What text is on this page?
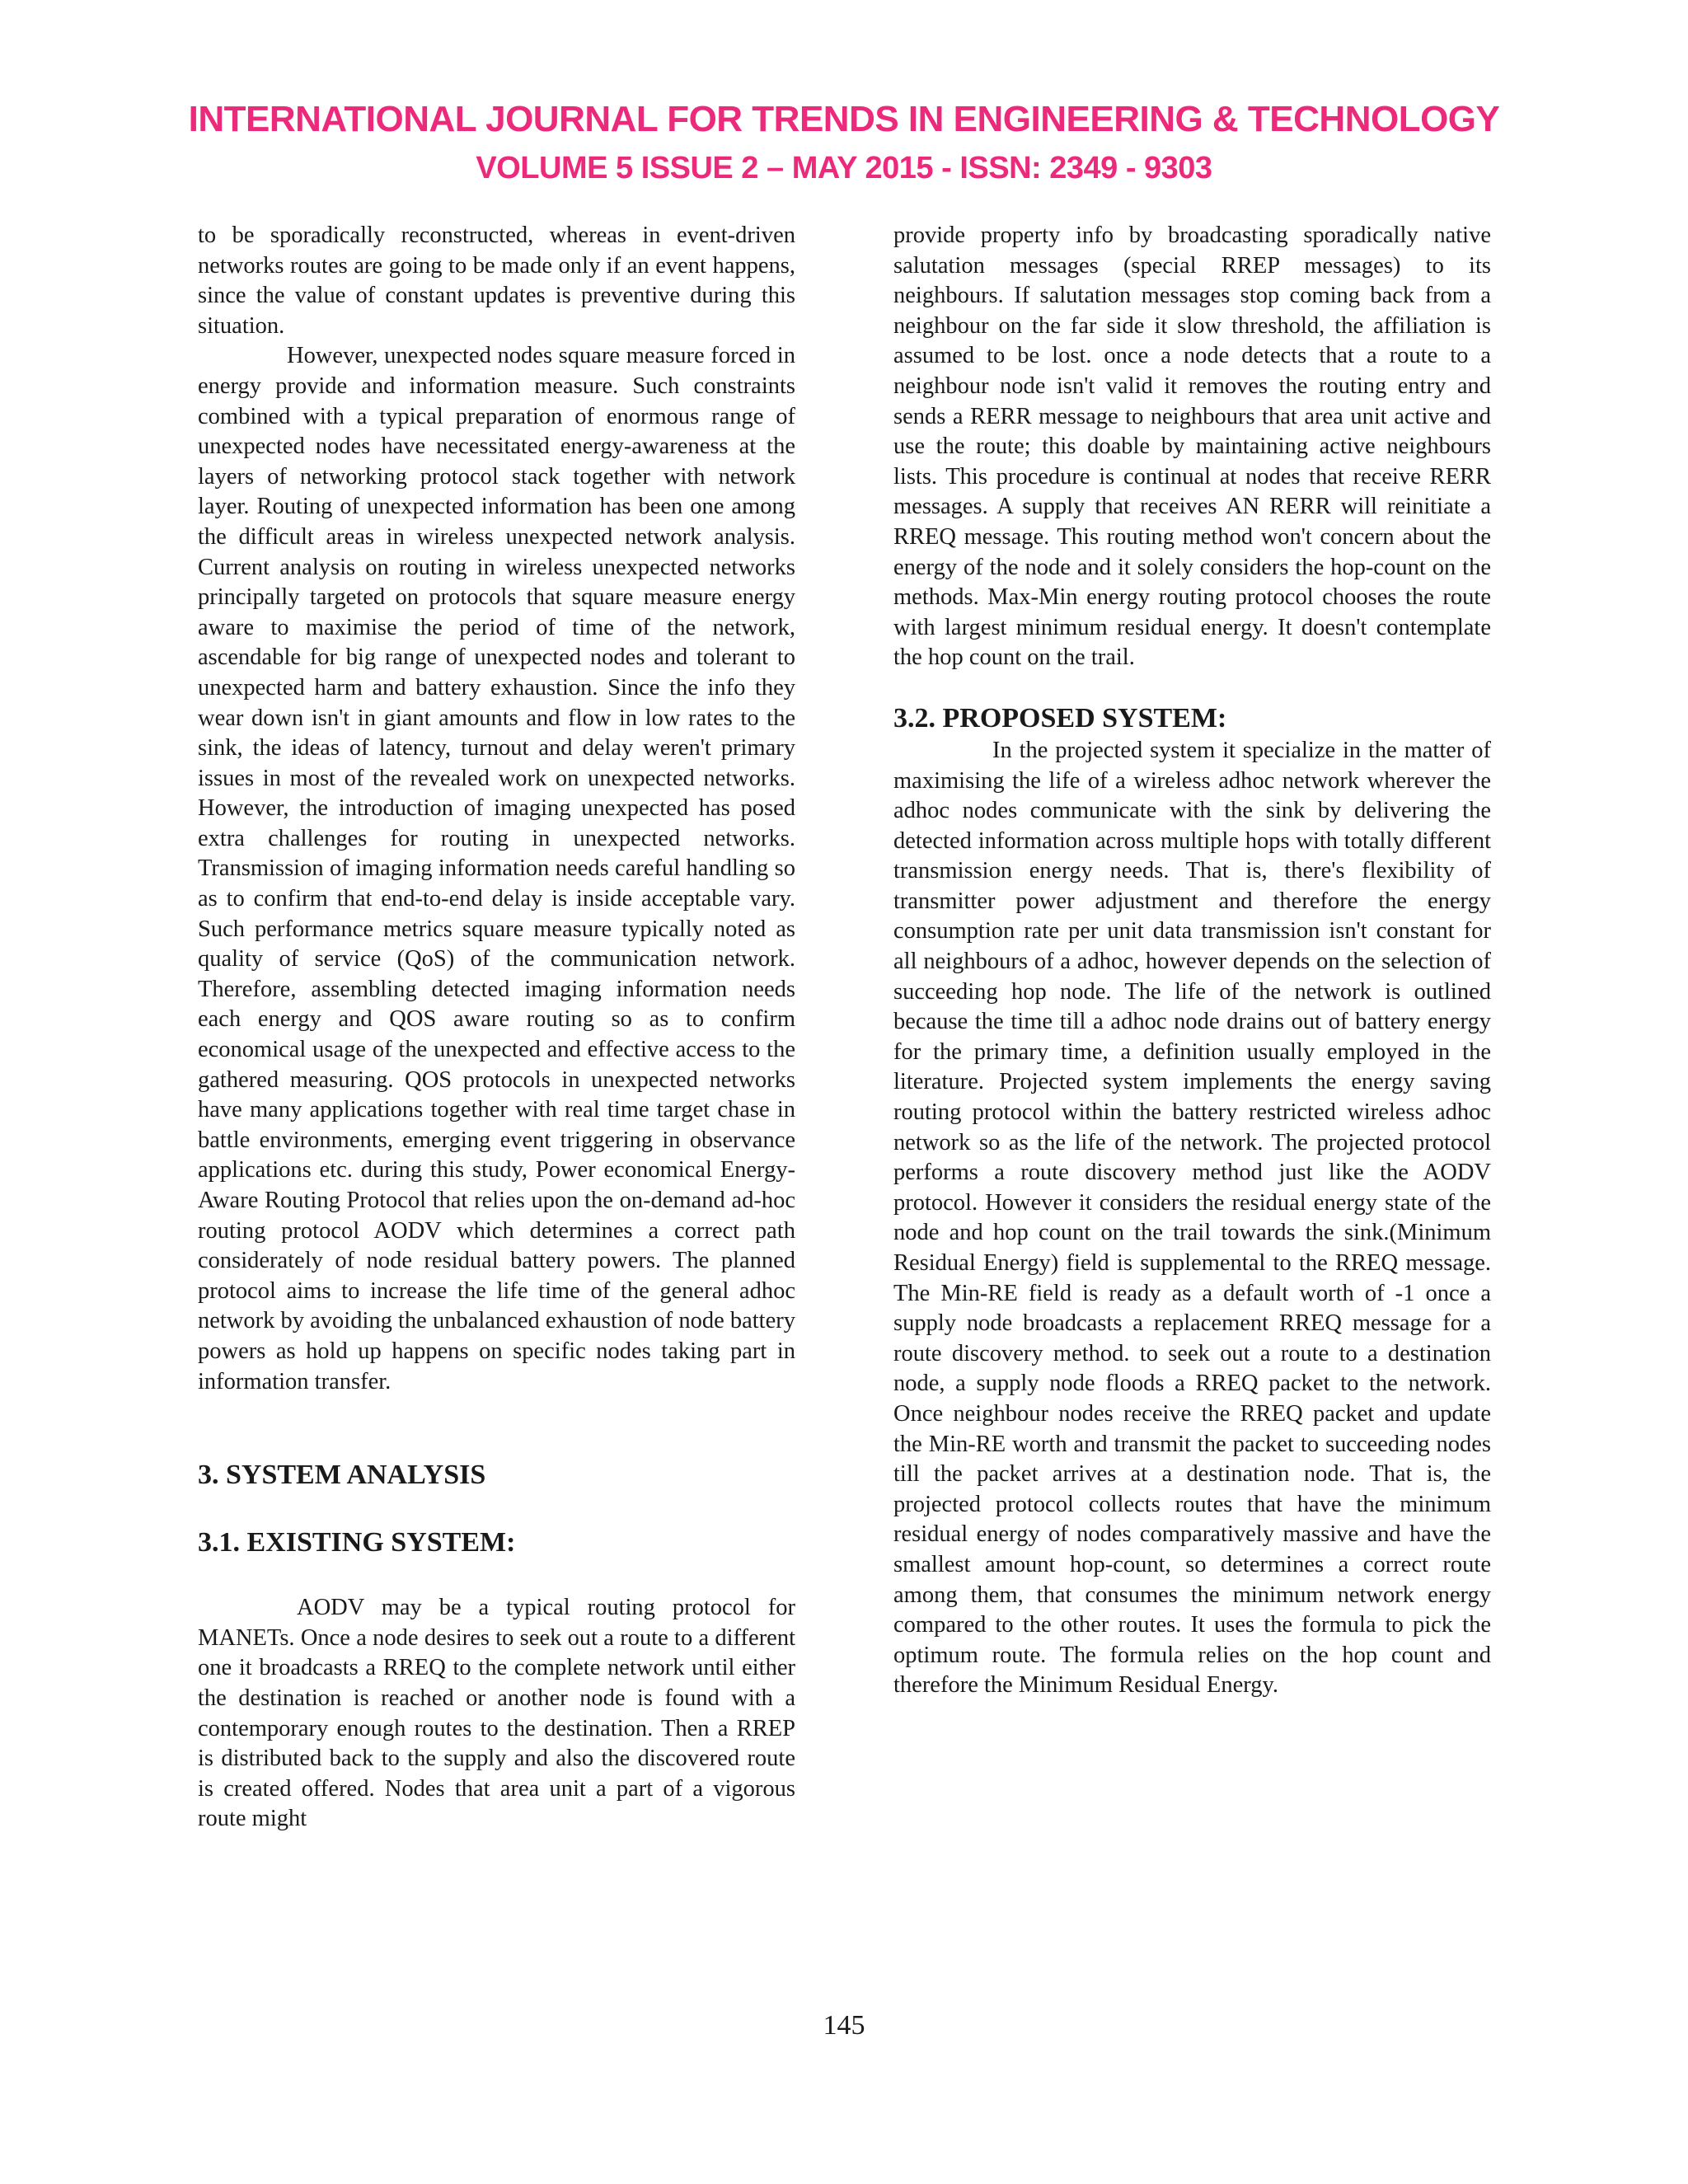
INTERNATIONAL JOURNAL FOR TRENDS IN ENGINEERING & TECHNOLOGY
VOLUME 5 ISSUE 2 – MAY 2015 - ISSN: 2349 - 9303

to be sporadically reconstructed, whereas in event-driven networks routes are going to be made only if an event happens, since the value of constant updates is preventive during this situation.

However, unexpected nodes square measure forced in energy provide and information measure. Such constraints combined with a typical preparation of enormous range of unexpected nodes have necessitated energy-awareness at the layers of networking protocol stack together with network layer. Routing of unexpected information has been one among the difficult areas in wireless unexpected network analysis. Current analysis on routing in wireless unexpected networks principally targeted on protocols that square measure energy aware to maximise the period of time of the network, ascendable for big range of unexpected nodes and tolerant to unexpected harm and battery exhaustion. Since the info they wear down isn't in giant amounts and flow in low rates to the sink, the ideas of latency, turnout and delay weren't primary issues in most of the revealed work on unexpected networks. However, the introduction of imaging unexpected has posed extra challenges for routing in unexpected networks. Transmission of imaging information needs careful handling so as to confirm that end-to-end delay is inside acceptable vary. Such performance metrics square measure typically noted as quality of service (QoS) of the communication network. Therefore, assembling detected imaging information needs each energy and QOS aware routing so as to confirm economical usage of the unexpected and effective access to the gathered measuring. QOS protocols in unexpected networks have many applications together with real time target chase in battle environments, emerging event triggering in observance applications etc. during this study, Power economical Energy-Aware Routing Protocol that relies upon the on-demand ad-hoc routing protocol AODV which determines a correct path considerately of node residual battery powers. The planned protocol aims to increase the life time of the general adhoc network by avoiding the unbalanced exhaustion of node battery powers as hold up happens on specific nodes taking part in information transfer.

3. SYSTEM ANALYSIS
3.1. EXISTING SYSTEM:

AODV may be a typical routing protocol for MANETs. Once a node desires to seek out a route to a different one it broadcasts a RREQ to the complete network until either the destination is reached or another node is found with a contemporary enough routes to the destination. Then a RREP is distributed back to the supply and also the discovered route is created offered. Nodes that area unit a part of a vigorous route might

provide property info by broadcasting sporadically native salutation messages (special RREP messages) to its neighbours. If salutation messages stop coming back from a neighbour on the far side it slow threshold, the affiliation is assumed to be lost. once a node detects that a route to a neighbour node isn't valid it removes the routing entry and sends a RERR message to neighbours that area unit active and use the route; this doable by maintaining active neighbours lists. This procedure is continual at nodes that receive RERR messages. A supply that receives AN RERR will reinitiate a RREQ message. This routing method won't concern about the energy of the node and it solely considers the hop-count on the methods. Max-Min energy routing protocol chooses the route with largest minimum residual energy. It doesn't contemplate the hop count on the trail.

3.2. PROPOSED SYSTEM:

In the projected system it specialize in the matter of maximising the life of a wireless adhoc network wherever the adhoc nodes communicate with the sink by delivering the detected information across multiple hops with totally different transmission energy needs. That is, there's flexibility of transmitter power adjustment and therefore the energy consumption rate per unit data transmission isn't constant for all neighbours of a adhoc, however depends on the selection of succeeding hop node. The life of the network is outlined because the time till a adhoc node drains out of battery energy for the primary time, a definition usually employed in the literature. Projected system implements the energy saving routing protocol within the battery restricted wireless adhoc network so as the life of the network. The projected protocol performs a route discovery method just like the AODV protocol. However it considers the residual energy state of the node and hop count on the trail towards the sink.(Minimum Residual Energy) field is supplemental to the RREQ message. The Min-RE field is ready as a default worth of -1 once a supply node broadcasts a replacement RREQ message for a route discovery method. to seek out a route to a destination node, a supply node floods a RREQ packet to the network. Once neighbour nodes receive the RREQ packet and update the Min-RE worth and transmit the packet to succeeding nodes till the packet arrives at a destination node. That is, the projected protocol collects routes that have the minimum residual energy of nodes comparatively massive and have the smallest amount hop-count, so determines a correct route among them, that consumes the minimum network energy compared to the other routes. It uses the formula to pick the optimum route. The formula relies on the hop count and therefore the Minimum Residual Energy.

145
